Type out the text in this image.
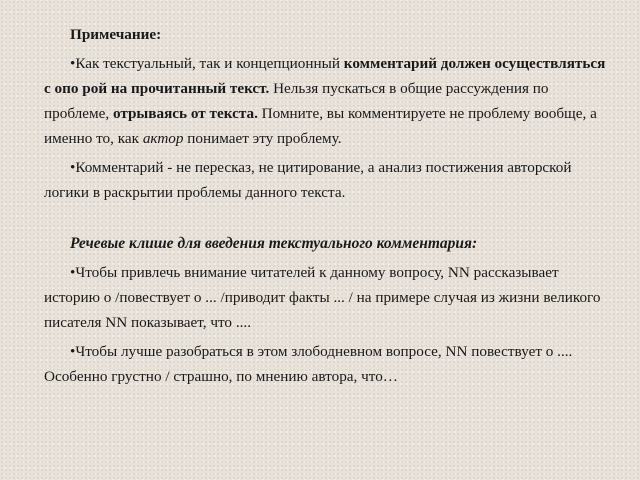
Примечание:

•Как текстуальный, так и концепционный комментарий должен осуществляться с опо рой на прочитанный текст. Нельзя пускаться в общие рассуждения по проблеме, отрываясь от текста. Помните, вы комментируете не проблему вообще, а именно то, как актор понимает эту проблему.

•Комментарий - не пересказ, не цитирование, а анализ постижения авторской логики в раскрытии проблемы данного текста.

Речевые клише для введения текстуального комментария:

•Чтобы привлечь внимание читателей к данному вопросу, NN рассказывает историю о /повествует о ... /приводит факты ... / на примере случая из жизни великого писателя NN показывает, что ....

•Чтобы лучше разобраться в этом злободневном вопросе, NN повествует о .... Особенно грустно / страшно, по мнению автора, что…
